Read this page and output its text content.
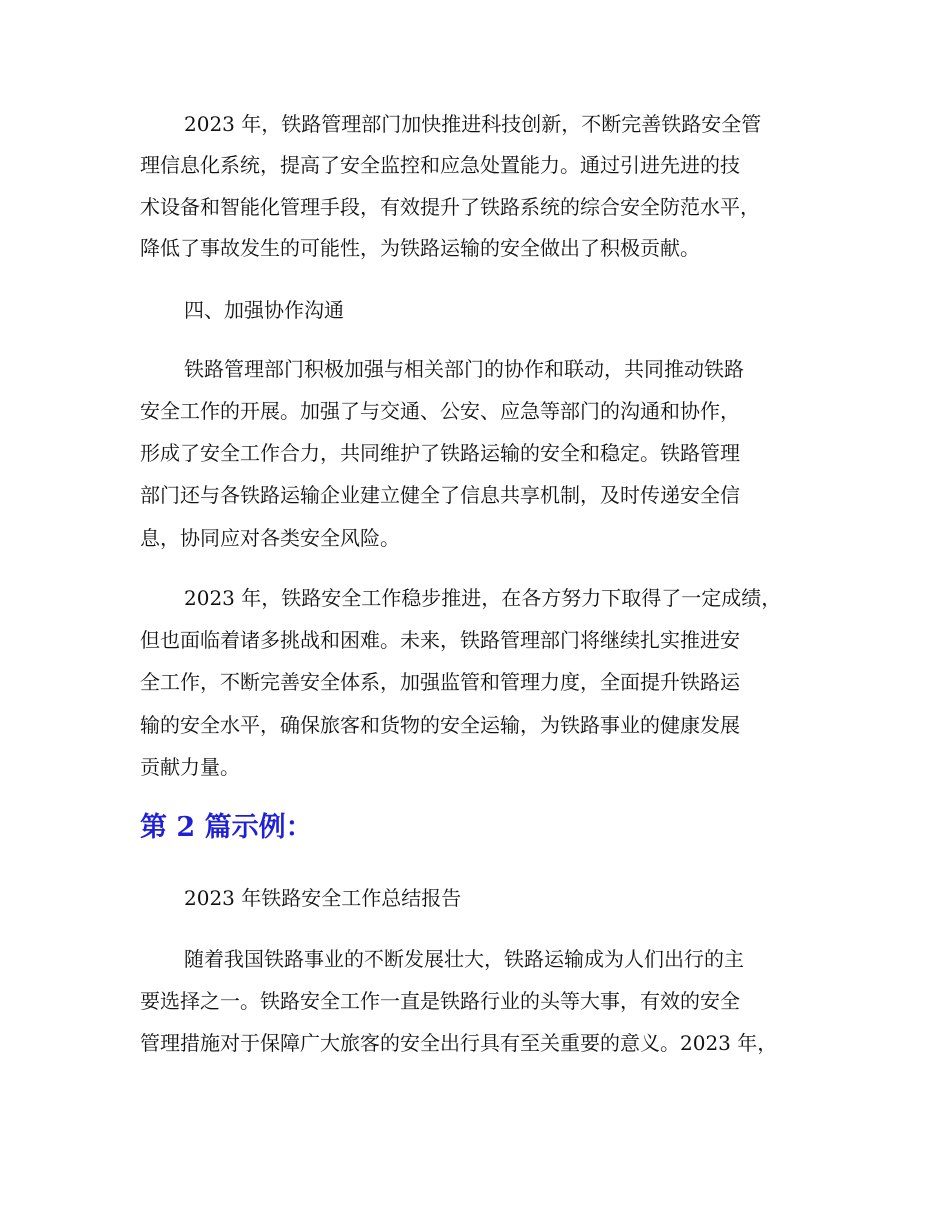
2023 年，铁路管理部门加快推进科技创新，不断完善铁路安全管

理信息化系统，提高了安全监控和应急处置能力。通过引进先进的技

术设备和智能化管理手段，有效提升了铁路系统的综合安全防范水平，

降低了事故发生的可能性，为铁路运输的安全做出了积极贡献。

四、加强协作沟通

铁路管理部门积极加强与相关部门的协作和联动，共同推动铁路

安全工作的开展。加强了与交通、公安、应急等部门的沟通和协作，

形成了安全工作合力，共同维护了铁路运输的安全和稳定。铁路管理

部门还与各铁路运输企业建立健全了信息共享机制，及时传递安全信

息，协同应对各类安全风险。

2023 年，铁路安全工作稳步推进，在各方努力下取得了一定成绩，

但也面临着诸多挑战和困难。未来，铁路管理部门将继续扎实推进安

全工作，不断完善安全体系，加强监管和管理力度，全面提升铁路运

输的安全水平，确保旅客和货物的安全运输，为铁路事业的健康发展

贡献力量。

第 2 篇示例：

2023 年铁路安全工作总结报告

随着我国铁路事业的不断发展壮大，铁路运输成为人们出行的主

要选择之一。铁路安全工作一直是铁路行业的头等大事，有效的安全

管理措施对于保障广大旅客的安全出行具有至关重要的意义。2023 年，
